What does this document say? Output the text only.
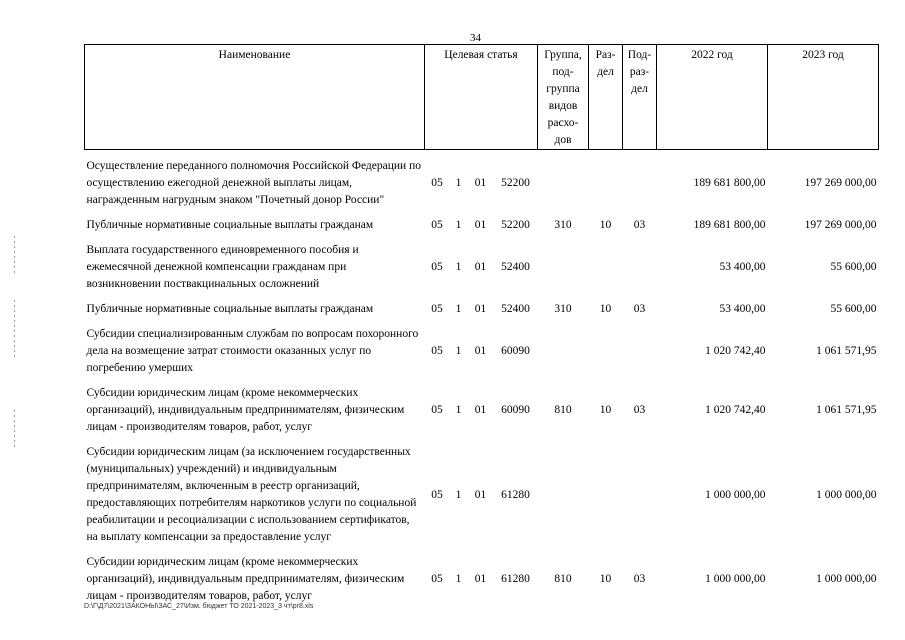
34
Наименование	Целевая статья				Группа, под-группа видов расхо-дов	Раз-дел	Под-раз-дел	2022 год	2023 год

Осуществление переданного полномочия Российской Федерации по осуществлению ежегодной денежной выплаты лицам, награжденным нагрудным знаком "Почетный донор России"	05	1	01	52200				189 681 800,00	197 269 000,00

Публичные нормативные социальные выплаты гражданам	05	1	01	52200	310	10	03	189 681 800,00	197 269 000,00

Выплата государственного единовременного пособия и ежемесячной денежной компенсации гражданам при возникновении поствакцинальных осложнений	05	1	01	52400				53 400,00	55 600,00

Публичные нормативные социальные выплаты гражданам	05	1	01	52400	310	10	03	53 400,00	55 600,00

Субсидии специализированным службам по вопросам похоронного дела на возмещение затрат стоимости оказанных услуг по погребению умерших	05	1	01	60090				1 020 742,40	1 061 571,95

Субсидии юридическим лицам (кроме некоммерческих организаций), индивидуальным предпринимателям, физическим лицам - производителям товаров, работ, услуг	05	1	01	60090	810	10	03	1 020 742,40	1 061 571,95

Субсидии юридическим лицам (за исключением государственных (муниципальных) учреждений) и индивидуальным предпринимателям, включенным в реестр организаций, предоставляющих потребителям наркотиков услуги по социальной реабилитации и ресоциализации с использованием сертификатов, на выплату компенсации за предоставление услуг	05	1	01	61280				1 000 000,00	1 000 000,00

Субсидии юридическим лицам (кроме некоммерческих организаций), индивидуальным предпринимателям, физическим лицам - производителям товаров, работ, услуг	05	1	01	61280	810	10	03	1 000 000,00	1 000 000,00
D:\Г\Д7\2021\ЗАКОНЫ\ЗАС_27\Изм. бюджет ТО 2021-2023_3 чт\pr8.xls
